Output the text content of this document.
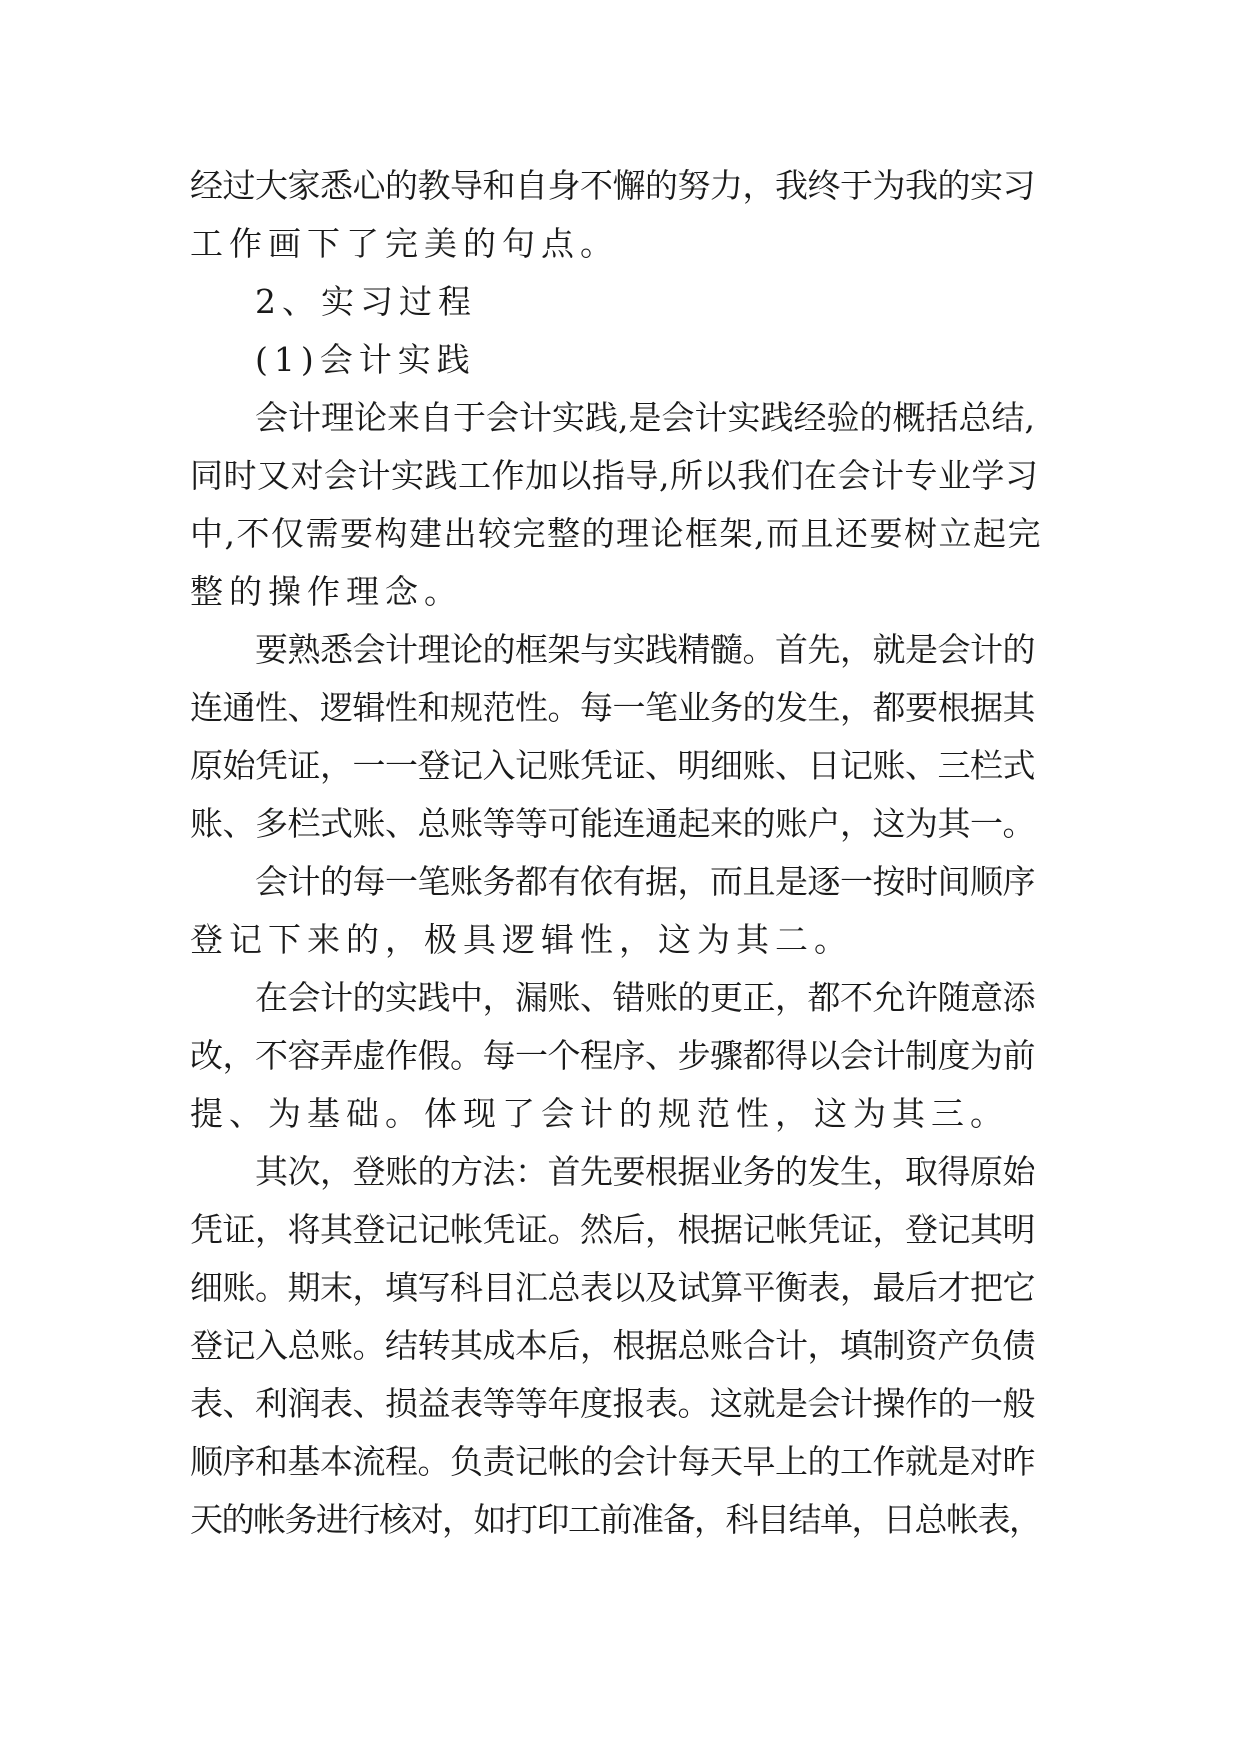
经过大家悉心的教导和自身不懈的努力，我终于为我的实习
工作画下了完美的句点。
2、实习过程
(1)会计实践
会计理论来自于会计实践,是会计实践经验的概括总结,
同时又对会计实践工作加以指导,所以我们在会计专业学习
中,不仅需要构建出较完整的理论框架,而且还要树立起完
整的操作理念。
要熟悉会计理论的框架与实践精髓。首先，就是会计的
连通性、逻辑性和规范性。每一笔业务的发生，都要根据其
原始凭证，一一登记入记账凭证、明细账、日记账、三栏式
账、多栏式账、总账等等可能连通起来的账户，这为其一。
会计的每一笔账务都有依有据，而且是逐一按时间顺序
登记下来的，极具逻辑性，这为其二。
在会计的实践中，漏账、错账的更正，都不允许随意添
改，不容弄虚作假。每一个程序、步骤都得以会计制度为前
提、为基础。体现了会计的规范性，这为其三。
其次，登账的方法：首先要根据业务的发生，取得原始
凭证，将其登记记帐凭证。然后，根据记帐凭证，登记其明
细账。期末，填写科目汇总表以及试算平衡表，最后才把它
登记入总账。结转其成本后，根据总账合计，填制资产负债
表、利润表、损益表等等年度报表。这就是会计操作的一般
顺序和基本流程。负责记帐的会计每天早上的工作就是对昨
天的帐务进行核对，如打印工前准备，科目结单，日总帐表，
